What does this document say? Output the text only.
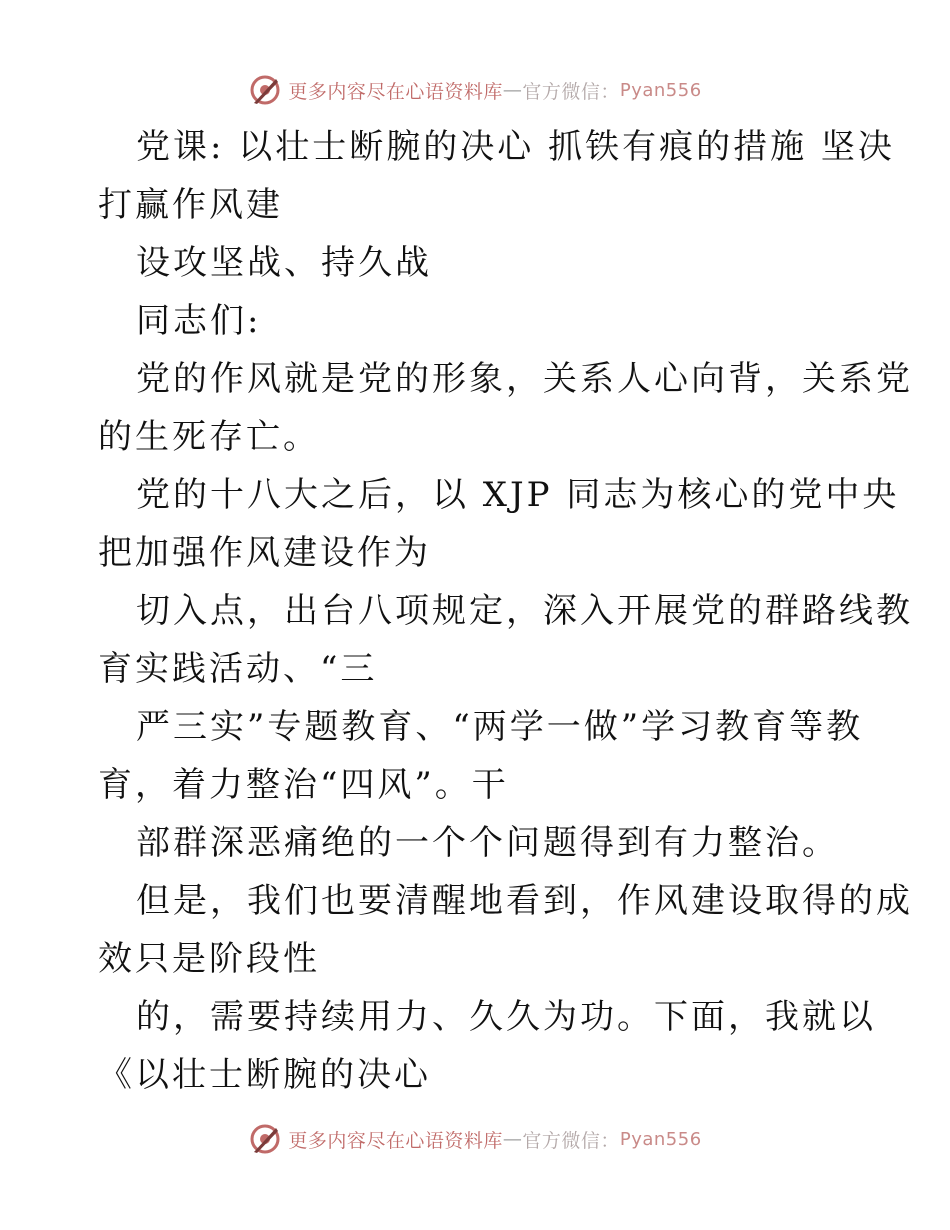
更多内容尽在心语资料库 — 官方微信： Pyan556
党课: 以壮士断腕的决心 抓铁有痕的措施 坚决
打赢作风建
设攻坚战、持久战
同志们:
党的作风就是党的形象，关系人心向背，关系党
的生死存亡。
党的十八大之后，以 XJP 同志为核心的党中央
把加强作风建设作为
切入点，出台八项规定，深入开展党的群路线教
育实践活动、“三
严三实”专题教育、“两学一做”学习教育等教
育，着力整治“四风”。干
部群深恶痛绝的一个个问题得到有力整治。
但是，我们也要清醒地看到，作风建设取得的成
效只是阶段性
的，需要持续用力、久久为功。下面，我就以
《以壮士断腕的决心
更多内容尽在心语资料库 — 官方微信： Pyan556
